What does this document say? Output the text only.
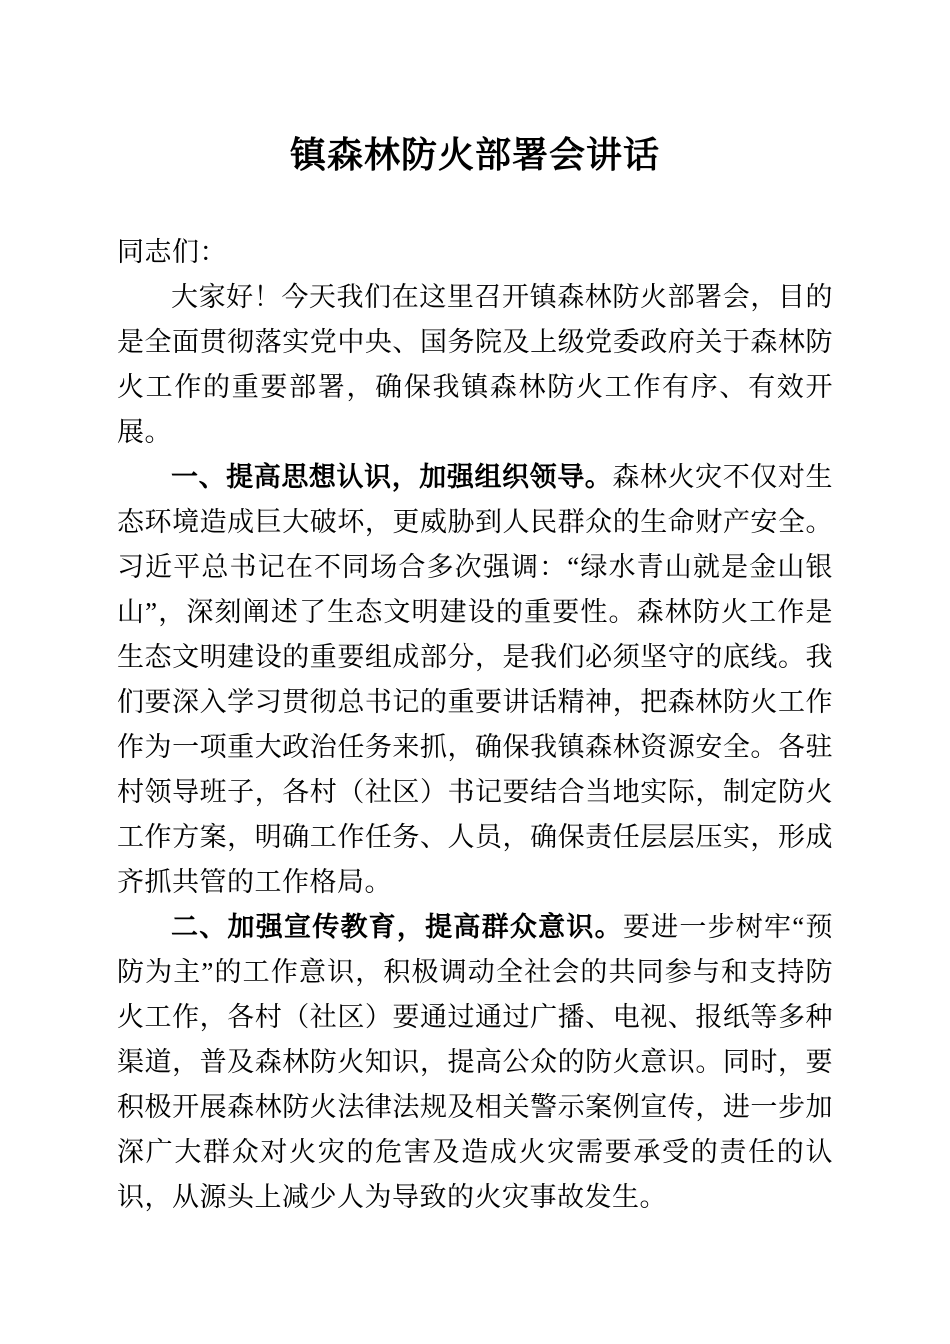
镇森林防火部署会讲话

同志们：

大家好！今天我们在这里召开镇森林防火部署会，目的是全面贯彻落实党中央、国务院及上级党委政府关于森林防火工作的重要部署，确保我镇森林防火工作有序、有效开展。

一、提高思想认识，加强组织领导。森林火灾不仅对生态环境造成巨大破坏，更威胁到人民群众的生命财产安全。习近平总书记在不同场合多次强调：“绿水青山就是金山银山”，深刻阐述了生态文明建设的重要性。森林防火工作是生态文明建设的重要组成部分，是我们必须坚守的底线。我们要深入学习贯彻总书记的重要讲话精神，把森林防火工作作为一项重大政治任务来抓，确保我镇森林资源安全。各驻村领导班子，各村（社区）书记要结合当地实际，制定防火工作方案，明确工作任务、人员，确保责任层层压实，形成齐抓共管的工作格局。

二、加强宣传教育，提高群众意识。要进一步树牢“预防为主”的工作意识，积极调动全社会的共同参与和支持防火工作，各村（社区）要通过通过广播、电视、报纸等多种渠道，普及森林防火知识，提高公众的防火意识。同时，要积极开展森林防火法律法规及相关警示案例宣传，进一步加深广大群众对火灾的危害及造成火灾需要承受的责任的认识，从源头上减少人为导致的火灾事故发生。
